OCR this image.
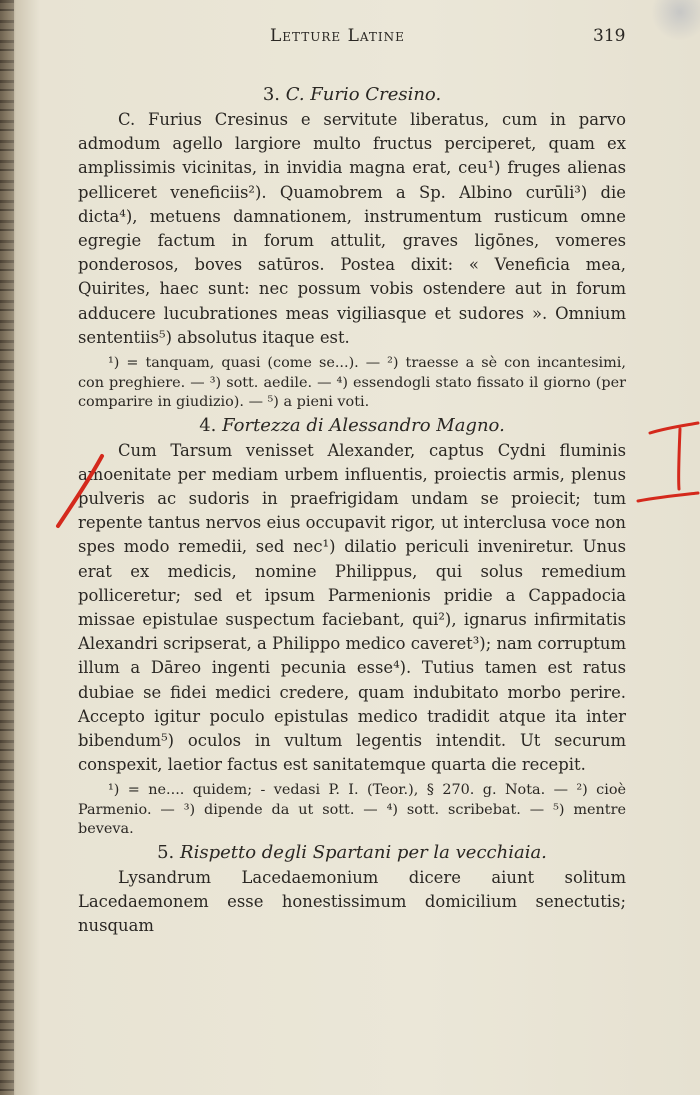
Letture Latine	319
3. C. Furio Cresino.

C. Furius Cresinus e servitute liberatus, cum in parvo admodum agello largiore multo fructus perciperet, quam ex amplissimis vicinitas, in invidia magna erat, ceu¹) fruges alienas pelliceret veneficiis²). Quamobrem a Sp. Albino curūli³) die dicta⁴), metuens damnationem, instrumentum rusticum omne egregie factum in forum attulit, graves ligōnes, vomeres ponderosos, boves satūros. Postea dixit: « Veneficia mea, Quirites, haec sunt: nec possum vobis ostendere aut in forum adducere lucubrationes meas vigiliasque et sudores ». Omnium sententiis⁵) absolutus itaque est.

¹) = tanquam, quasi (come se...). — ²) traesse a sè con incantesimi, con preghiere. — ³) sott. aedile. — ⁴) essendogli stato fissato il giorno (per comparire in giudizio). — ⁵) a pieni voti.

4. Fortezza di Alessandro Magno.

Cum Tarsum venisset Alexander, captus Cydni fluminis amoenitate per mediam urbem influentis, proiectis armis, plenus pulveris ac sudoris in praefrigidam undam se proiecit; tum repente tantus nervos eius occupavit rigor, ut interclusa voce non spes modo remedii, sed nec¹) dilatio periculi inveniretur. Unus erat ex medicis, nomine Philippus, qui solus remedium polliceretur; sed et ipsum Parmenionis pridie a Cappadocia missae epistulae suspectum faciebant, qui²), ignarus infirmitatis Alexandri scripserat, a Philippo medico caveret³); nam corruptum illum a Dāreo ingenti pecunia esse⁴). Tutius tamen est ratus dubiae se fidei medici credere, quam indubitato morbo perire. Accepto igitur poculo epistulas medico tradidit atque ita inter bibendum⁵) oculos in vultum legentis intendit. Ut securum conspexit, laetior factus est sanitatemque quarta die recepit.

¹) = ne.... quidem; - vedasi P. I. (Teor.), § 270. g. Nota. — ²) cioè Parmenio. — ³) dipende da ut sott. — ⁴) sott. scribebat. — ⁵) mentre beveva.

5. Rispetto degli Spartani per la vecchiaia.

Lysandrum Lacedaemonium dicere aiunt solitum Lacedaemonem esse honestissimum domicilium senectutis; nusquam
